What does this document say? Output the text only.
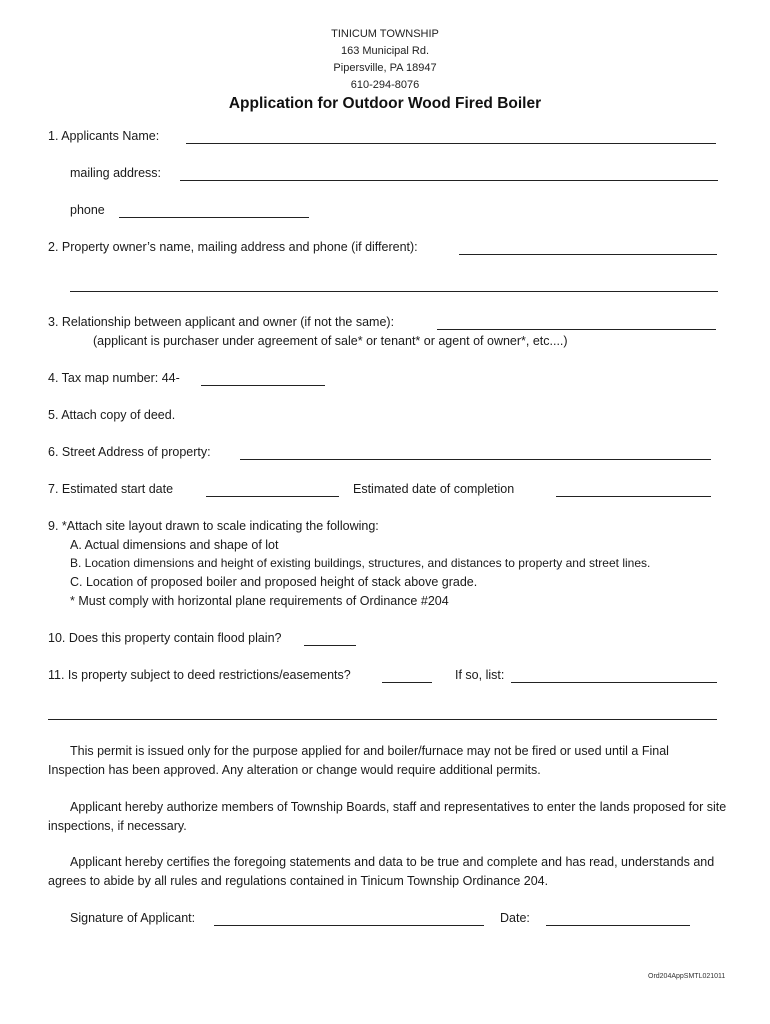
TINICUM TOWNSHIP
163 Municipal Rd.
Pipersville, PA 18947
610-294-8076
Application for Outdoor Wood Fired Boiler
1. Applicants Name:
mailing address:
phone
2. Property owner’s name, mailing address and phone (if different):
3. Relationship between applicant and owner (if not the same):
(applicant is purchaser under agreement of sale* or tenant* or agent of owner*, etc....)
4. Tax map number: 44-
5. Attach copy of deed.
6. Street Address of property:
7. Estimated start date	Estimated date of completion
9. *Attach site layout drawn to scale indicating the following:
A. Actual dimensions and shape of lot
B. Location dimensions and height of existing buildings, structures, and distances to property and street lines.
C. Location of proposed boiler and proposed height of stack above grade.
* Must comply with horizontal plane requirements of Ordinance #204
10. Does this property contain flood plain?
11. Is property subject to deed restrictions/easements?	If so, list:
This permit is issued only for the purpose applied for and boiler/furnace may not be fired or used until a Final Inspection has been approved. Any alteration or change would require additional permits.
Applicant hereby authorize members of Township Boards, staff and representatives to enter the lands proposed for site inspections, if necessary.
Applicant hereby certifies the foregoing statements and data to be true and complete and has read, understands and agrees to abide by all rules and regulations contained in Tinicum Township Ordinance 204.
Signature of Applicant:	Date:
Ord204AppSMTL021011
